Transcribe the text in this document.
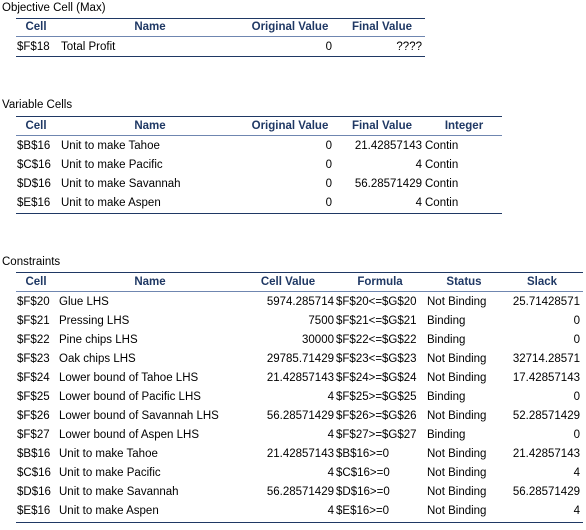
Objective Cell (Max)
Cell	Name	Original Value	Final Value
$F$18 Total Profit	0	????
Variable Cells
Cell	Name	Original Value	Final Value	Integer
$B$16 Unit to make Tahoe	0	21.42857143 Contin
$C$16 Unit to make Pacific	0	4 Contin
$D$16 Unit to make Savannah	0	56.28571429 Contin
$E$16 Unit to make Aspen	0	4 Contin
Constraints
Cell	Name	Cell Value	Formula	Status	Slack
$F$20 Glue LHS	5974.285714 $F$20<=$G$20 Not Binding	25.71428571
$F$21 Pressing LHS	7500 $F$21<=$G$21 Binding	0
$F$22 Pine chips LHS	30000 $F$22<=$G$22 Binding	0
$F$23 Oak chips LHS	29785.71429 $F$23<=$G$23 Not Binding	32714.28571
$F$24 Lower bound of Tahoe LHS	21.42857143 $F$24>=$G$24 Not Binding	17.42857143
$F$25 Lower bound of Pacific LHS	4 $F$25>=$G$25 Binding	0
$F$26 Lower bound of Savannah LHS	56.28571429 $F$26>=$G$26 Not Binding	52.28571429
$F$27 Lower bound of Aspen LHS	4 $F$27>=$G$27 Binding	0
$B$16 Unit to make Tahoe	21.42857143 $B$16>=0	Not Binding	21.42857143
$C$16 Unit to make Pacific	4 $C$16>=0	Not Binding	4
$D$16 Unit to make Savannah	56.28571429 $D$16>=0	Not Binding	56.28571429
$E$16 Unit to make Aspen	4 $E$16>=0	Not Binding	4
